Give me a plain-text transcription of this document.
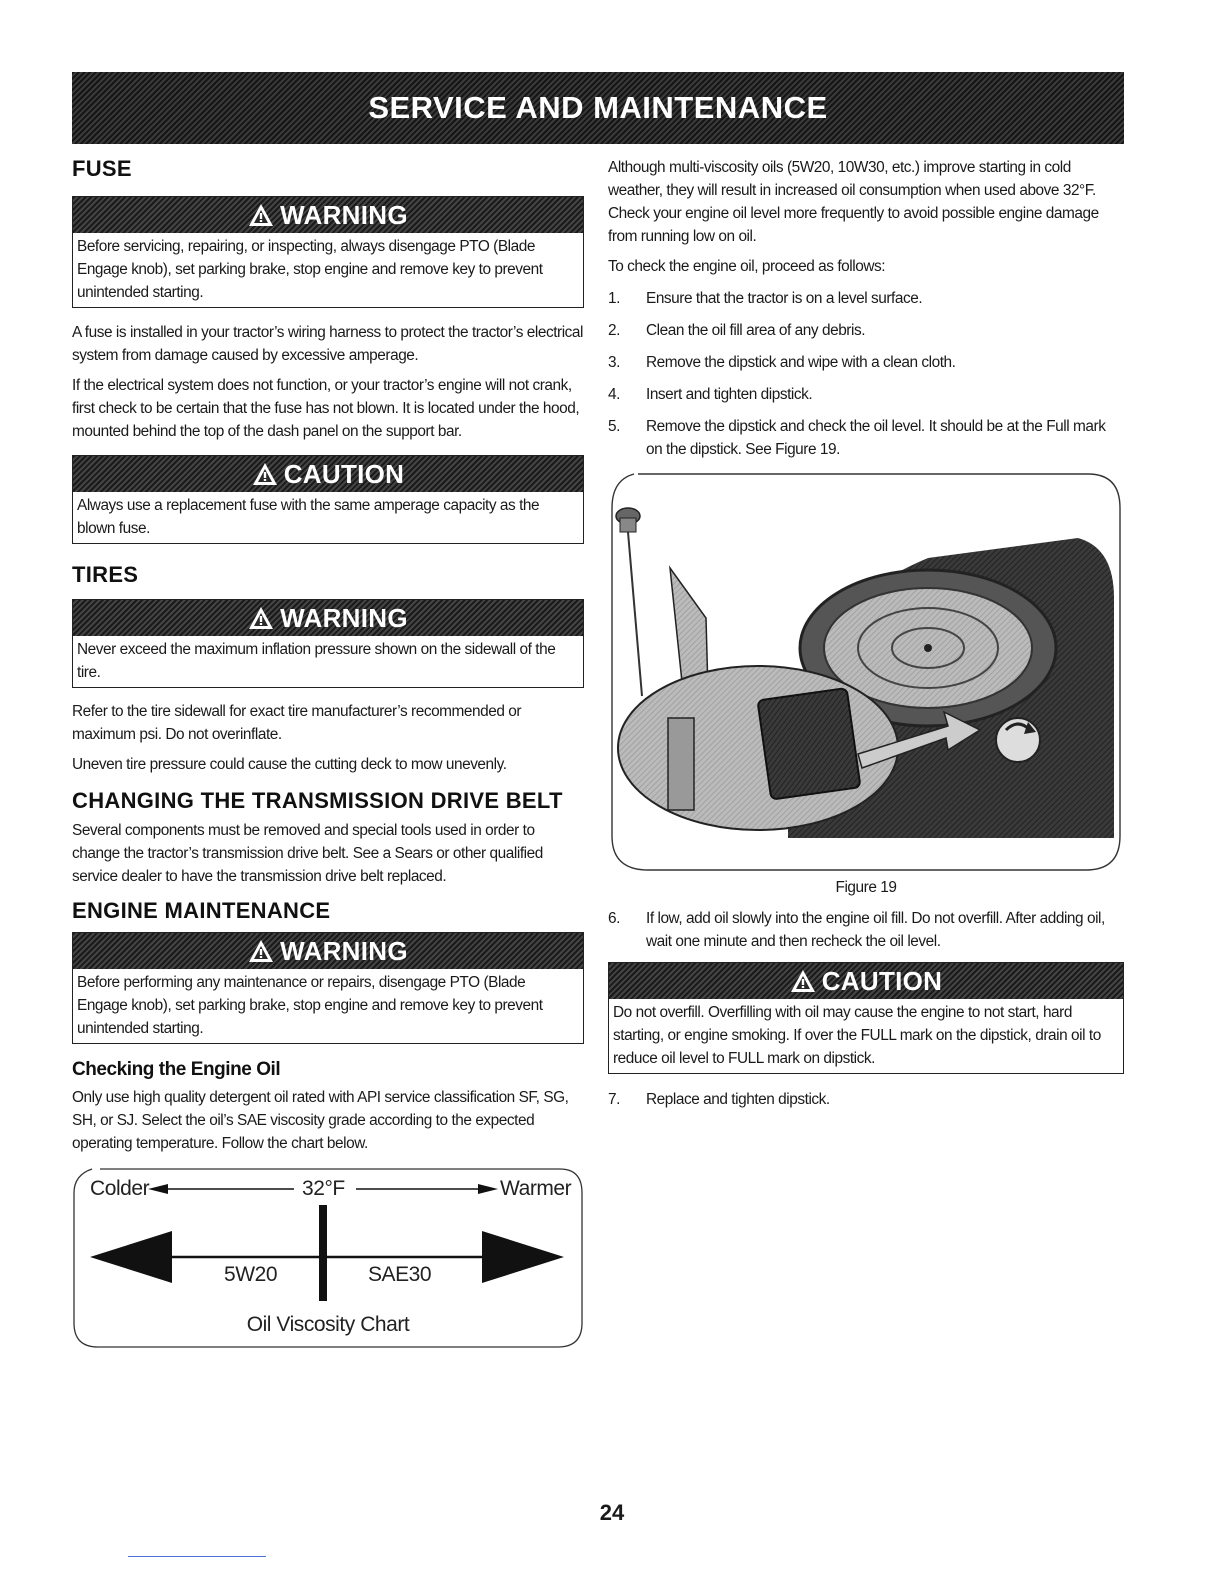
SERVICE AND MAINTENANCE
FUSE
WARNING
Before servicing, repairing, or inspecting, always disengage PTO (Blade Engage knob), set parking brake, stop engine and remove key to prevent unintended starting.

A fuse is installed in your tractor’s wiring harness to protect the tractor’s electrical system from damage caused by excessive amperage.

If the electrical system does not function, or your tractor’s engine will not crank, first check to be certain that the fuse has not blown. It is located under the hood, mounted behind the top of the dash panel on the support bar.

CAUTION
Always use a replacement fuse with the same amperage capacity as the blown fuse.
TIRES
WARNING
Never exceed the maximum inflation pressure shown on the sidewall of the tire.

Refer to the tire sidewall for exact tire manufacturer’s recommended or maximum psi. Do not overinflate.

Uneven tire pressure could cause the cutting deck to mow unevenly.

CHANGING THE TRANSMISSION DRIVE BELT

Several components must be removed and special tools used in order to change the tractor’s transmission drive belt. See a Sears or other qualified service dealer to have the transmission drive belt replaced.

ENGINE MAINTENANCE
WARNING
Before performing any maintenance or repairs, disengage PTO (Blade Engage knob), set parking brake, stop engine and remove key to prevent unintended starting.
Checking the Engine Oil

Only use high quality detergent oil rated with API service classification SF, SG, SH, or SJ. Select the oil’s SAE viscosity grade according to the expected operating temperature. Follow the chart below.

Colder	32°F	Warmer
5W20	SAE30
Oil Viscosity Chart

Although multi-viscosity oils (5W20, 10W30, etc.) improve starting in cold weather, they will result in increased oil consumption when used above 32°F. Check your engine oil level more frequently to avoid possible engine damage from running low on oil.

To check the engine oil, proceed as follows:

1.	Ensure that the tractor is on a level surface.
2.	Clean the oil fill area of any debris.
3.	Remove the dipstick and wipe with a clean cloth.
4.	Insert and tighten dipstick.
5.	Remove the dipstick and check the oil level. It should be at the Full mark on the dipstick. See Figure 19.

Figure 19

6.	If low, add oil slowly into the engine oil fill. Do not overfill. After adding oil, wait one minute and then recheck the oil level.
CAUTION
Do not overfill. Overfilling with oil may cause the engine to not start, hard starting, or engine smoking. If over the FULL mark on the dipstick, drain oil to reduce oil level to FULL mark on dipstick.
7.	Replace and tighten dipstick.
24
